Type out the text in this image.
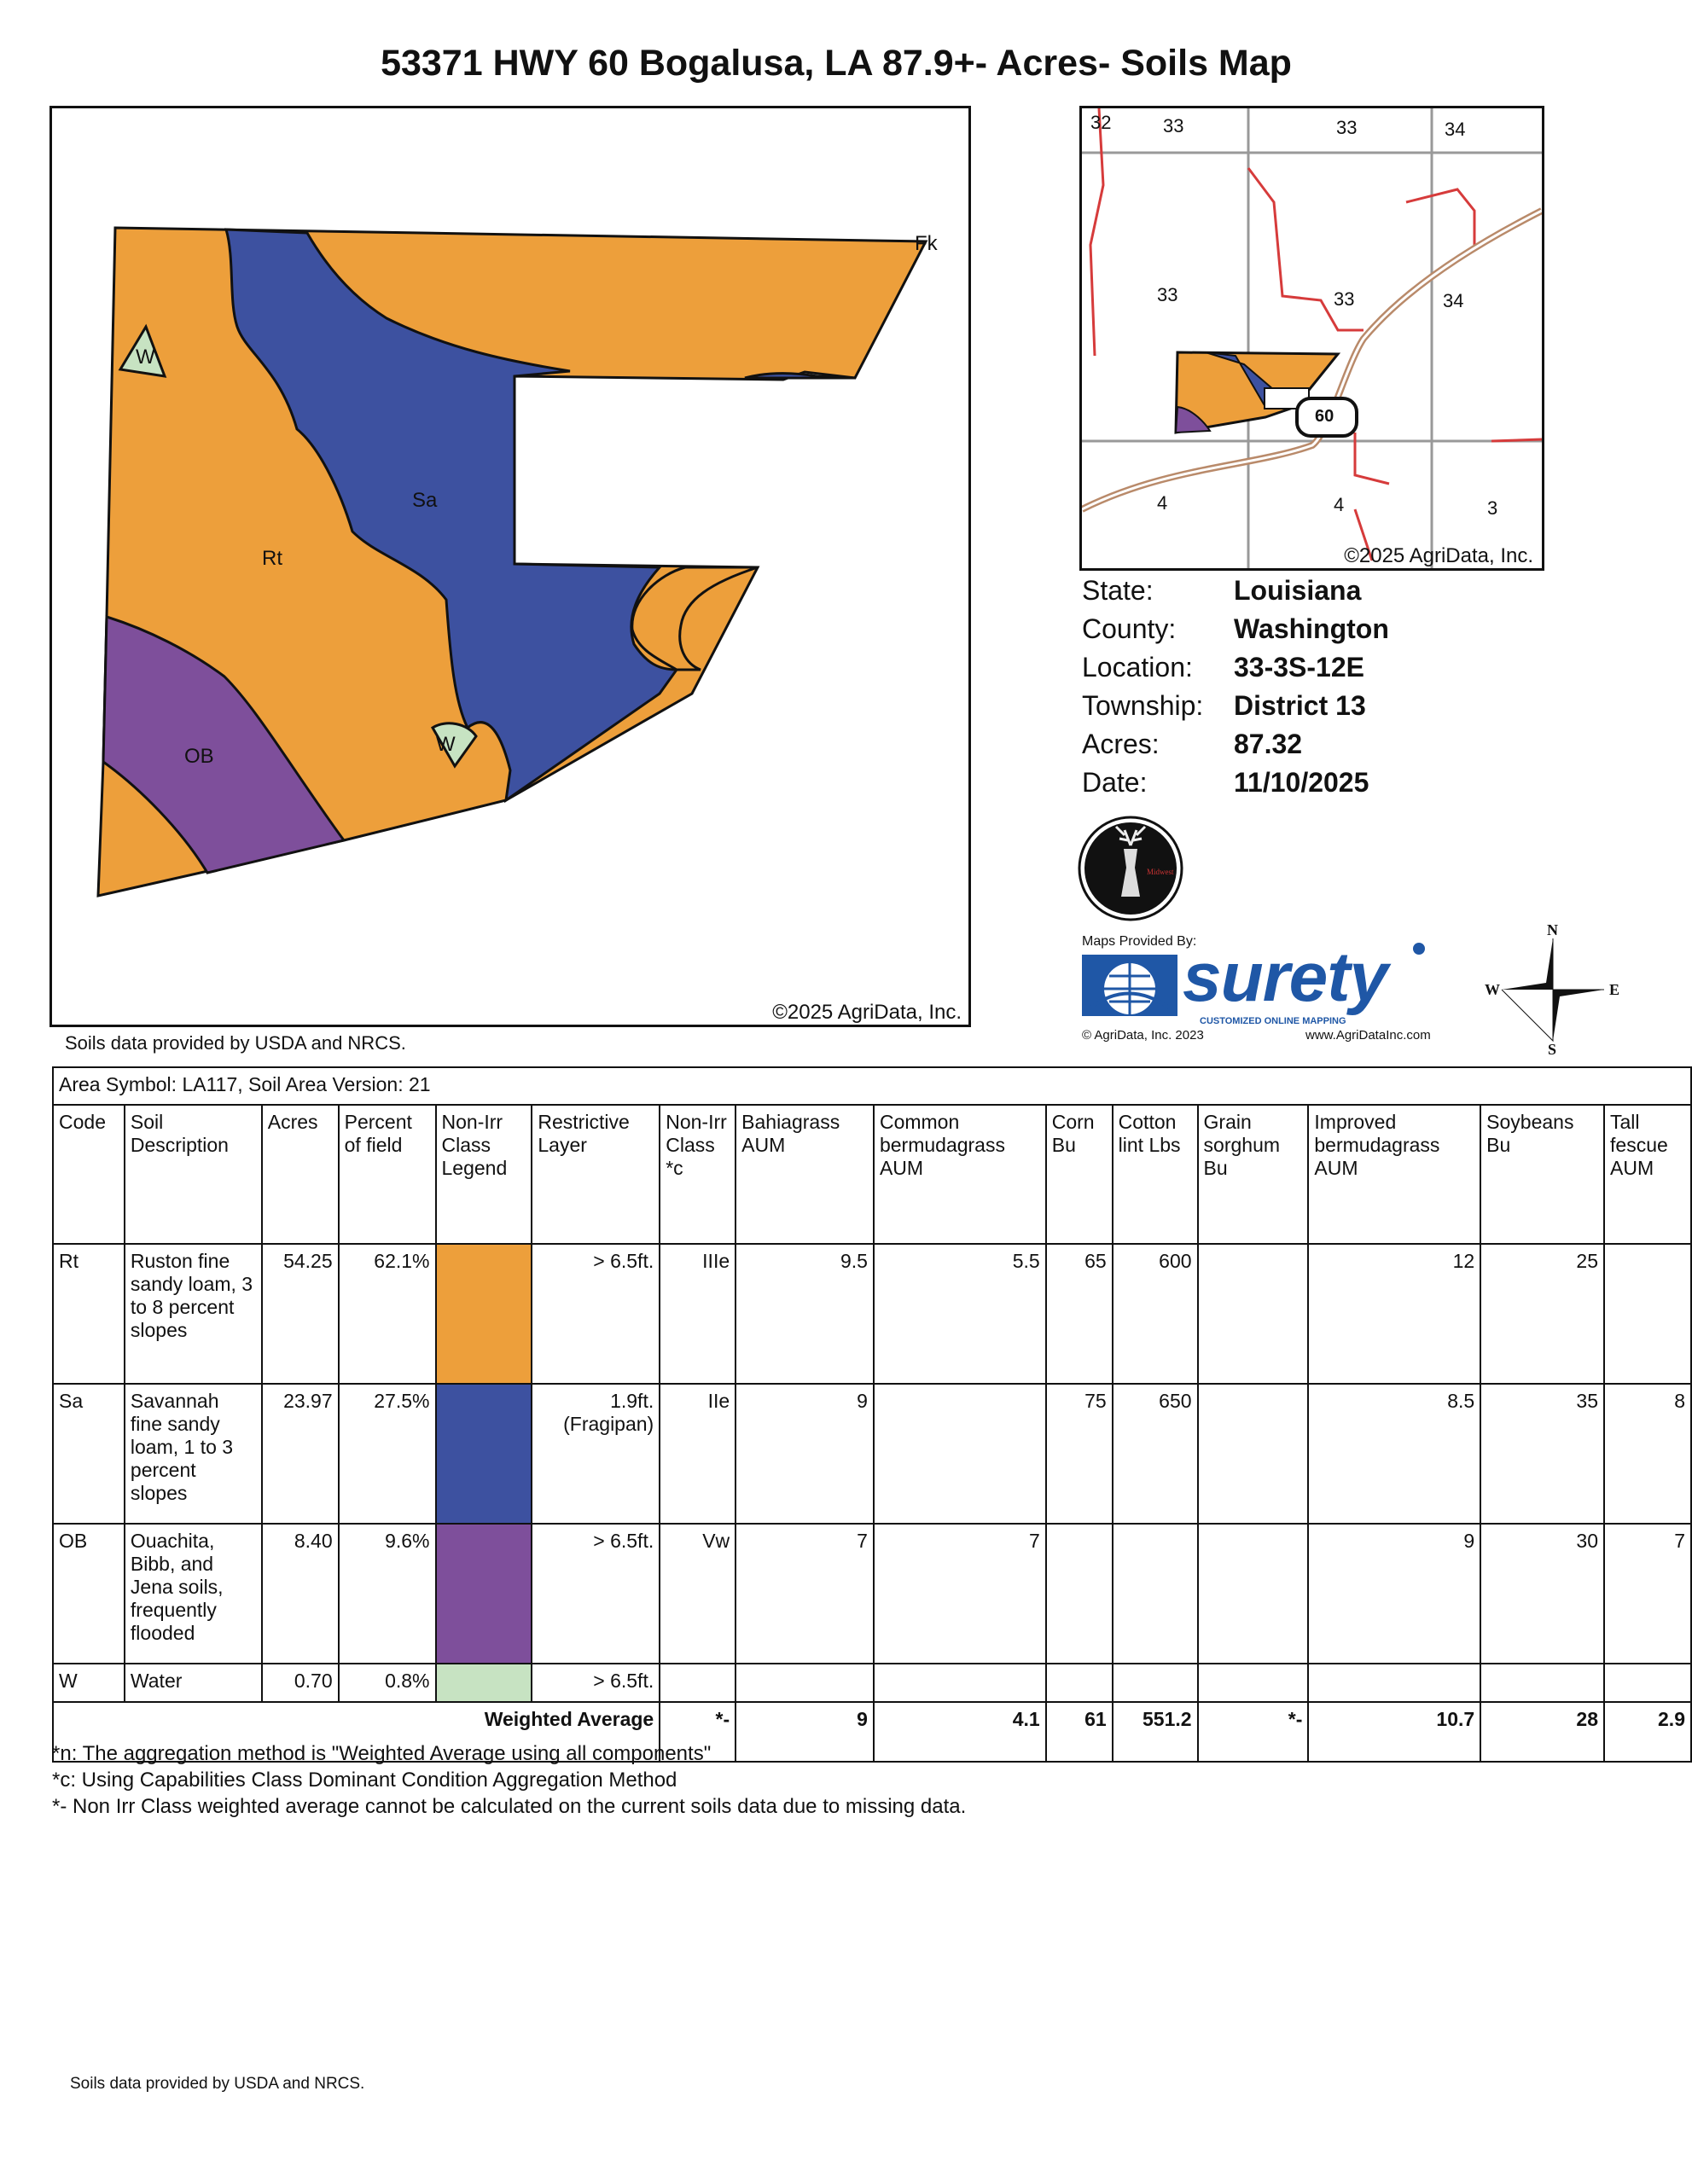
53371 HWY 60 Bogalusa, LA 87.9+- Acres- Soils Map
Fk
W
Sa
Rt
OB
W
©2025 AgriData, Inc.
32	33	33	34
33	33	34
4	4	3
60
©2025 AgriData, Inc.
State:	Louisiana
County: Washington
Location: 33-3S-12E
Township: District 13
Acres:	87.32
Date:	11/10/2025
Midwest
Maps Provided By:
surety
CUSTOMIZED ONLINE MAPPING
© AgriData, Inc. 2023	www.AgriDataInc.com
N
S
E
W
Soils data provided by USDA and NRCS.
Area Symbol: LA117, Soil Area Version: 21														
Code	Soil Description	Acres	Percent of field	Non-Irr Class Legend	Restrictive Layer	Non-Irr Class *c	Bahiagrass AUM	Common bermudagrass AUM	Corn Bu	Cotton lint Lbs	Grain sorghum Bu	Improved bermudagrass AUM	Soybeans Bu	Tall fescue AUM
Rt	Ruston fine sandy loam, 3 to 8 percent slopes	54.25	62.1%		> 6.5ft.	IIIe	9.5	5.5	65	600		12	25	
Sa	Savannah fine sandy loam, 1 to 3 percent slopes	23.97	27.5%		1.9ft. (Fragipan)	IIe	9		75	650		8.5	35	8
OB	Ouachita, Bibb, and Jena soils, frequently flooded	8.40	9.6%		> 6.5ft.	Vw	7	7				9	30	7
W	Water	0.70	0.8%		> 6.5ft.									
Weighted Average						*-	9	4.1	61	551.2	*-	10.7	28	2.9
*n: The aggregation method is "Weighted Average using all components"
*c: Using Capabilities Class Dominant Condition Aggregation Method
*- Non Irr Class weighted average cannot be calculated on the current soils data due to missing data.
Soils data provided by USDA and NRCS.
